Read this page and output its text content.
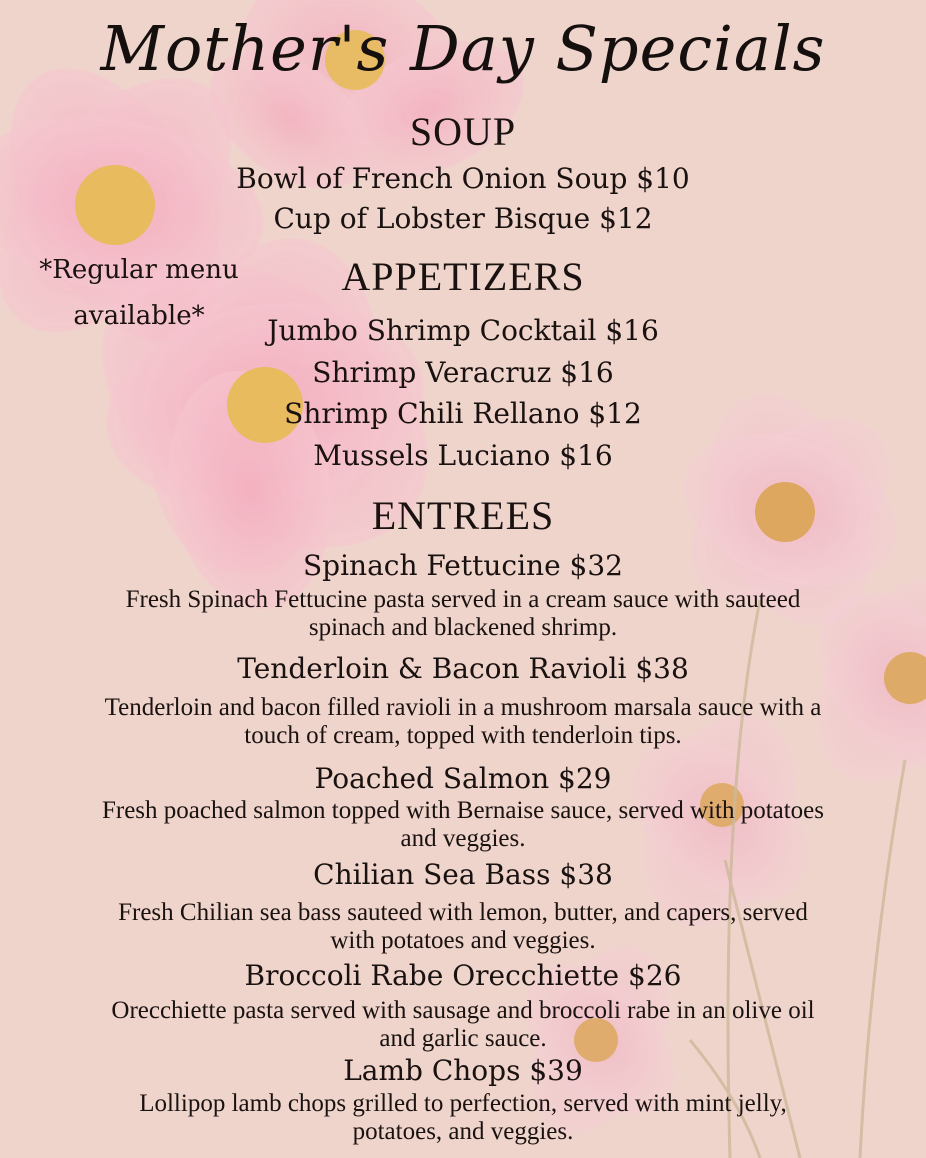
Mother's Day Specials
*Regular menu available*
SOUP
Bowl of French Onion Soup $10
Cup of Lobster Bisque $12
APPETIZERS
Jumbo Shrimp Cocktail $16
Shrimp Veracruz $16
Shrimp Chili Rellano $12
Mussels Luciano $16
ENTREES
Spinach Fettucine $32
Fresh Spinach Fettucine pasta served in a cream sauce with sauteed
spinach and blackened shrimp.
Tenderloin & Bacon Ravioli $38
Tenderloin and bacon filled ravioli in a mushroom marsala sauce with a
touch of cream, topped with tenderloin tips.
Poached Salmon $29
Fresh poached salmon topped with Bernaise sauce, served with potatoes
and veggies.
Chilian Sea Bass $38
Fresh Chilian sea bass sauteed with lemon, butter, and capers, served
with potatoes and veggies.
Broccoli Rabe Orecchiette $26
Orecchiette pasta served with sausage and broccoli rabe in an olive oil
and garlic sauce.
Lamb Chops $39
Lollipop lamb chops grilled to perfection, served with mint jelly,
potatoes, and veggies.
